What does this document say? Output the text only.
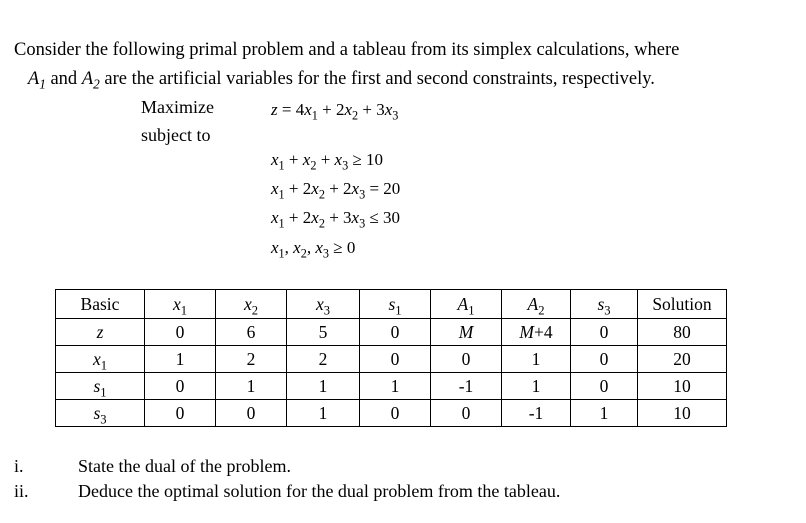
Consider the following primal problem and a tableau from its simplex calculations, where
$A_1$ and $A_2$ are the artificial variables for the first and second constraints, respectively.
Maximize
subject to
$z = 4x_1 + 2x_2 + 3x_3$
$x_1 + x_2 + x_3 \ge 10$
$x_1 + 2x_2 + 2x_3 = 20$
$x_1 + 2x_2 + 3x_3 \le 30$
$x_1$, $x_2$, $x_3 \ge 0$
Basic	$x_1$	$x_2$	$x_3$	$s_1$	$A_1$	$A_2$	$s_3$	Solution
z	0	6	5	0	M	M+4	0	80
$x_1$	1	2	2	0	0	1	0	20
$s_1$	0	1	1	1	-1	1	0	10
$s_3$	0	0	1	0	0	-1	1	10
i.	State the dual of the problem.
ii.	Deduce the optimal solution for the dual problem from the tableau.
